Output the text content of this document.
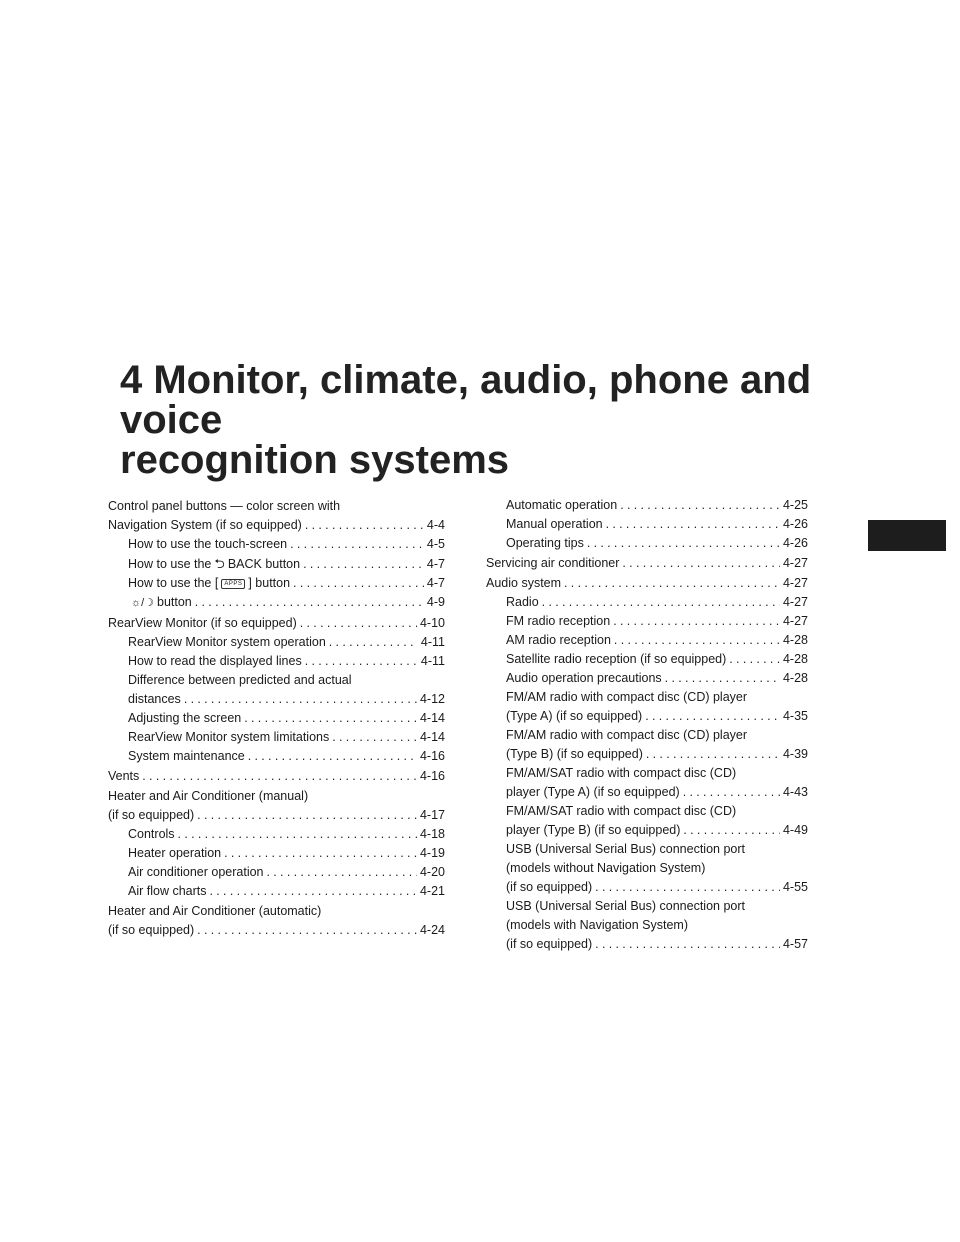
4 Monitor, climate, audio, phone and voice
recognition systems
Control panel buttons — color screen with
Navigation System (if so equipped) .....	4-4
How to use the touch-screen .....	4-5
How to use the ⮌ BACK button .....	4-7
How to use the [ APPS ] button .....	4-7
☼/☽ button .....	4-9
RearView Monitor (if so equipped) .....	4-10
RearView Monitor system operation .....	4-11
How to read the displayed lines .....	4-11
Difference between predicted and actual
distances .....	4-12
Adjusting the screen .....	4-14
RearView Monitor system limitations .....	4-14
System maintenance .....	4-16
Vents .....	4-16
Heater and Air Conditioner (manual)
(if so equipped) .....	4-17
Controls .....	4-18
Heater operation .....	4-19
Air conditioner operation .....	4-20
Air flow charts .....	4-21
Heater and Air Conditioner (automatic)
(if so equipped) .....	4-24
Automatic operation .....	4-25
Manual operation .....	4-26
Operating tips .....	4-26
Servicing air conditioner .....	4-27
Audio system .....	4-27
Radio .....	4-27
FM radio reception .....	4-27
AM radio reception .....	4-28
Satellite radio reception (if so equipped) .....	4-28
Audio operation precautions .....	4-28
FM/AM radio with compact disc (CD) player
(Type A) (if so equipped) .....	4-35
FM/AM radio with compact disc (CD) player
(Type B) (if so equipped) .....	4-39
FM/AM/SAT radio with compact disc (CD)
player (Type A) (if so equipped) .....	4-43
FM/AM/SAT radio with compact disc (CD)
player (Type B) (if so equipped) .....	4-49
USB (Universal Serial Bus) connection port
(models without Navigation System)
(if so equipped) .....	4-55
USB (Universal Serial Bus) connection port
(models with Navigation System)
(if so equipped) .....	4-57
